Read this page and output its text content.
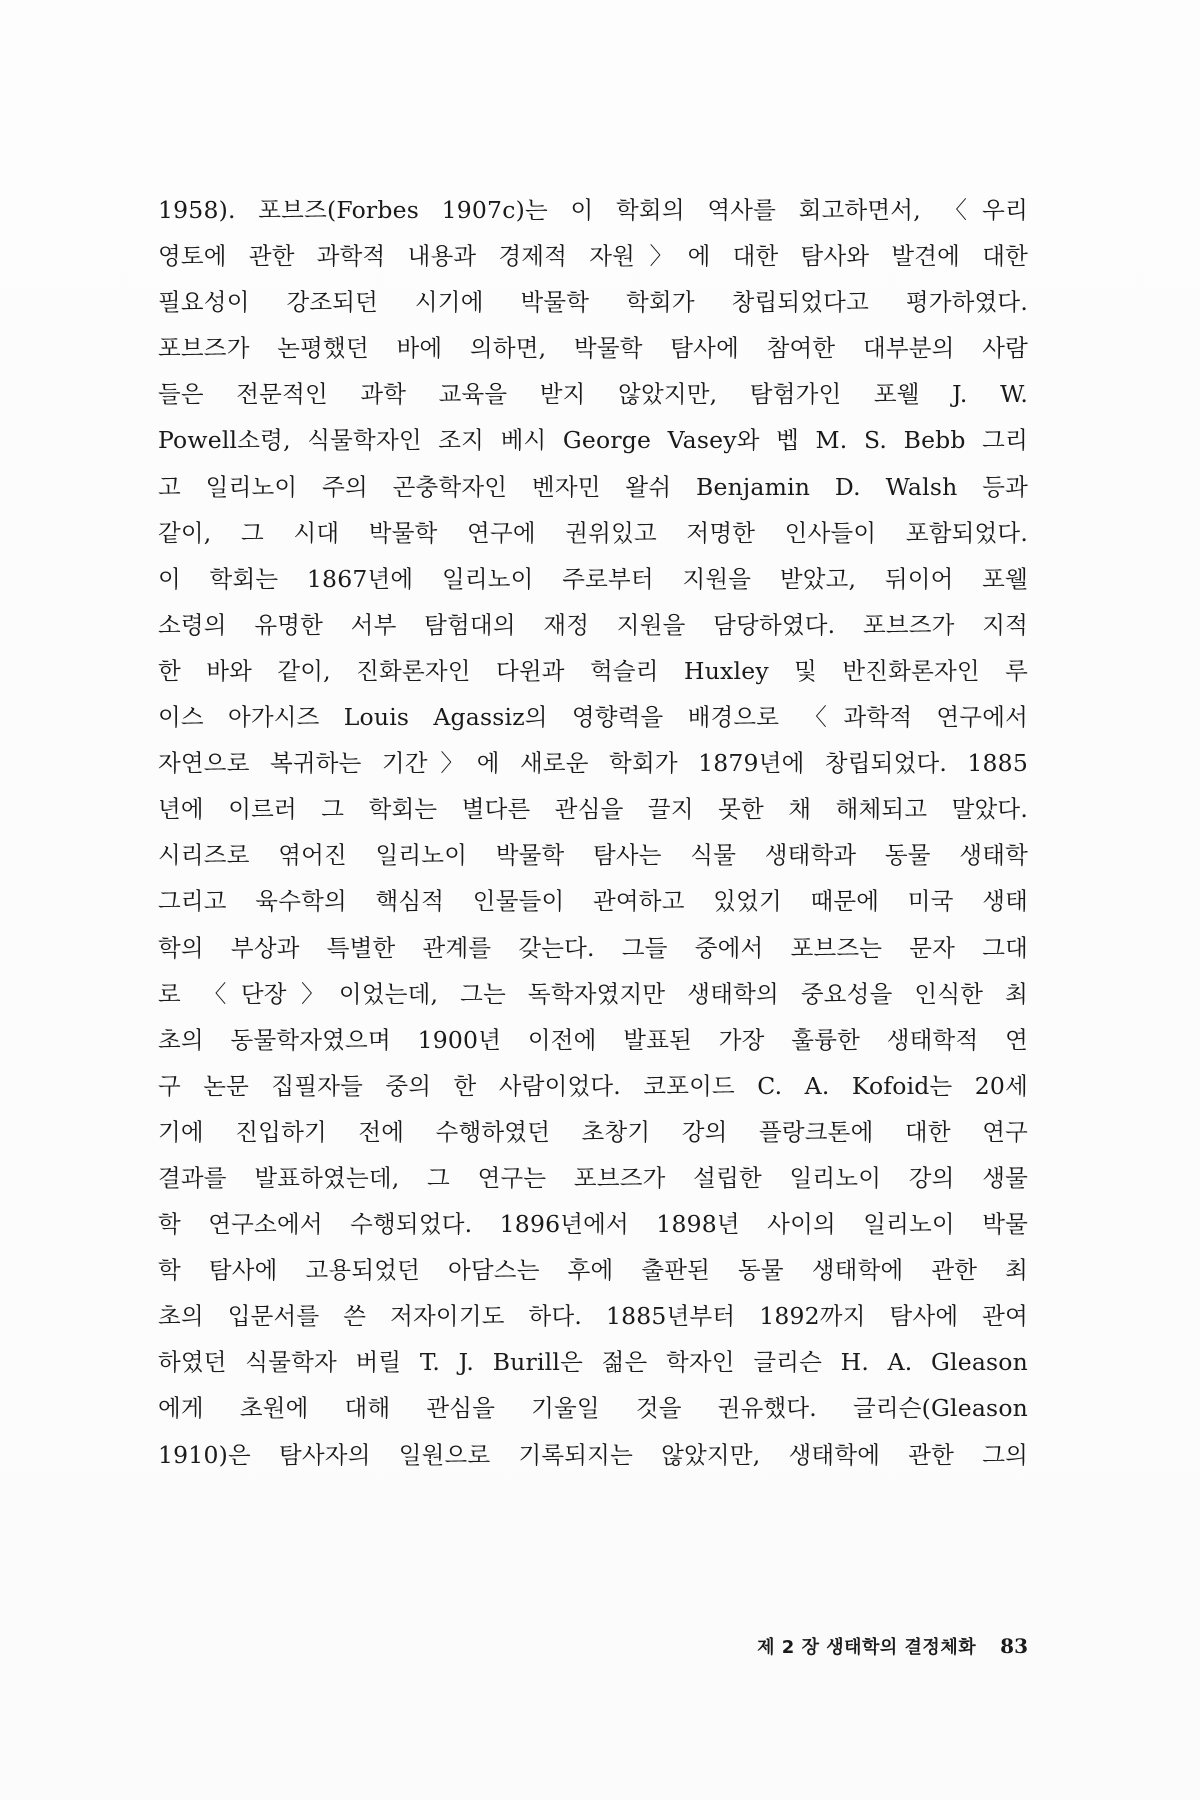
1958). 포브즈(Forbes 1907c)는 이 학회의 역사를 회고하면서, 〈우리
영토에 관한 과학적 내용과 경제적 자원〉에 대한 탐사와 발견에 대한
필요성이 강조되던 시기에 박물학 학회가 창립되었다고 평가하였다.
포브즈가 논평했던 바에 의하면, 박물학 탐사에 참여한 대부분의 사람
들은 전문적인 과학 교육을 받지 않았지만, 탐험가인 포웰 J. W.
Powell소령, 식물학자인 조지 베시 George Vasey와 벱 M. S. Bebb 그리
고 일리노이 주의 곤충학자인 벤자민 왈쉬 Benjamin D. Walsh 등과
같이, 그 시대 박물학 연구에 권위있고 저명한 인사들이 포함되었다.
이 학회는 1867년에 일리노이 주로부터 지원을 받았고, 뒤이어 포웰
소령의 유명한 서부 탐험대의 재정 지원을 담당하였다. 포브즈가 지적
한 바와 같이, 진화론자인 다윈과 헉슬리 Huxley 및 반진화론자인 루
이스 아가시즈 Louis Agassiz의 영향력을 배경으로 〈과학적 연구에서
자연으로 복귀하는 기간〉에 새로운 학회가 1879년에 창립되었다. 1885
년에 이르러 그 학회는 별다른 관심을 끌지 못한 채 해체되고 말았다.
시리즈로 엮어진 일리노이 박물학 탐사는 식물 생태학과 동물 생태학
그리고 육수학의 핵심적 인물들이 관여하고 있었기 때문에 미국 생태
학의 부상과 특별한 관계를 갖는다. 그들 중에서 포브즈는 문자 그대
로 〈단장〉이었는데, 그는 독학자였지만 생태학의 중요성을 인식한 최
초의 동물학자였으며 1900년 이전에 발표된 가장 훌륭한 생태학적 연
구 논문 집필자들 중의 한 사람이었다. 코포이드 C. A. Kofoid는 20세
기에 진입하기 전에 수행하였던 초창기 강의 플랑크톤에 대한 연구
결과를 발표하였는데, 그 연구는 포브즈가 설립한 일리노이 강의 생물
학 연구소에서 수행되었다. 1896년에서 1898년 사이의 일리노이 박물
학 탐사에 고용되었던 아담스는 후에 출판된 동물 생태학에 관한 최
초의 입문서를 쓴 저자이기도 하다. 1885년부터 1892까지 탐사에 관여
하였던 식물학자 버릴 T. J. Burill은 젊은 학자인 글리슨 H. A. Gleason
에게 초원에 대해 관심을 기울일 것을 권유했다. 글리슨(Gleason
1910)은 탐사자의 일원으로 기록되지는 않았지만, 생태학에 관한 그의
제 2 장 생태학의 결정체화 83
